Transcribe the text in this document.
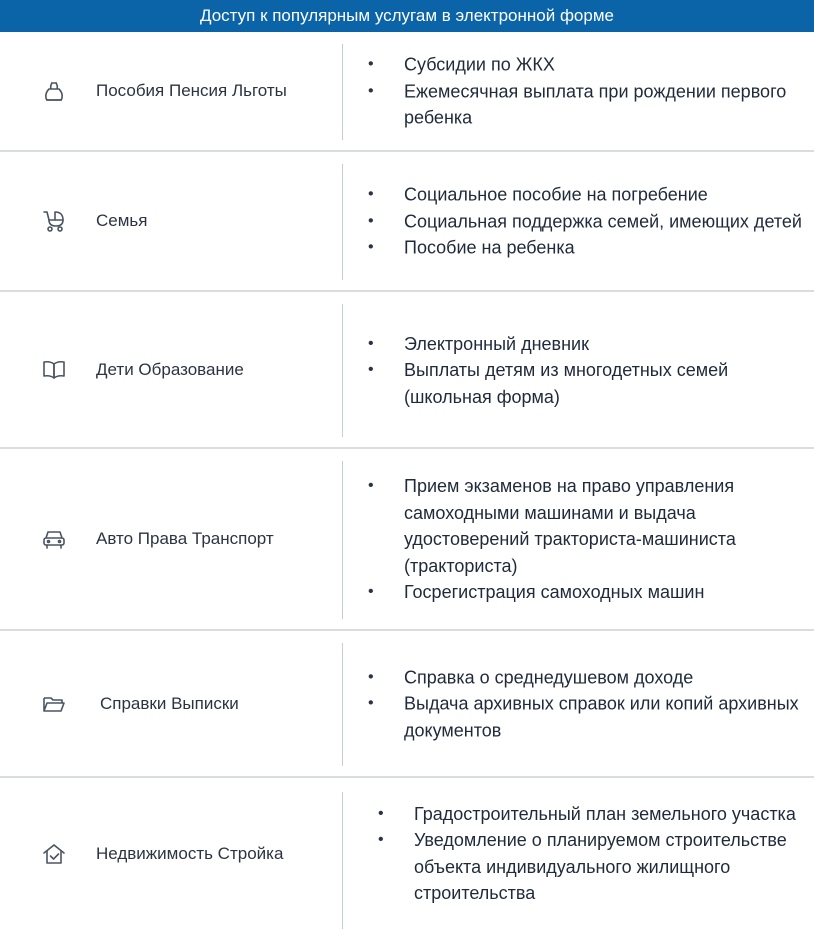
Доступ к популярным услугам в электронной форме
Пособия Пенсия Льготы
• Субсидии по ЖКХ
• Ежемесячная выплата при рождении первого ребенка
Семья
• Социальное пособие на погребение
• Социальная поддержка семей, имеющих детей
• Пособие на ребенка
Дети Образование
• Электронный дневник
• Выплаты детям из многодетных семей (школьная форма)
Авто Права Транспорт
• Прием экзаменов на право управления самоходными машинами и выдача удостоверений тракториста-машиниста (тракториста)
• Госрегистрация самоходных машин
Справки Выписки
• Справка о среднедушевом доходе
• Выдача архивных справок или копий архивных документов
Недвижимость Стройка
• Градостроительный план земельного участка
• Уведомление о планируемом строительстве объекта индивидуального жилищного строительства
